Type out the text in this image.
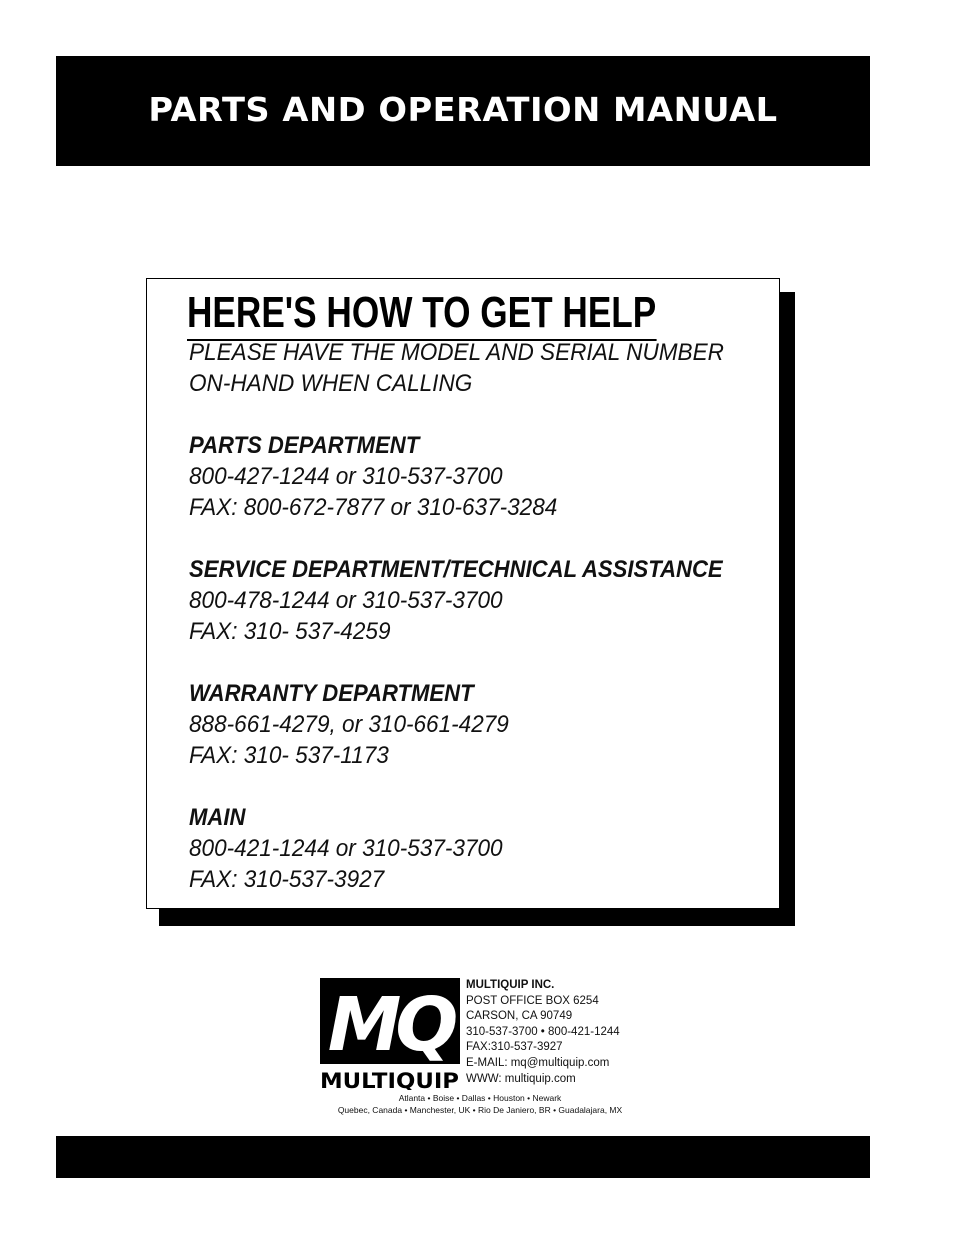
PARTS AND OPERATION MANUAL
HERE'S HOW TO GET HELP

PLEASE HAVE THE MODEL AND SERIAL NUMBER

ON-HAND WHEN CALLING

PARTS DEPARTMENT
800-427-1244 or 310-537-3700
FAX: 800-672-7877 or 310-637-3284
SERVICE DEPARTMENT/TECHNICAL ASSISTANCE
800-478-1244 or 310-537-3700
FAX: 310- 537-4259
WARRANTY DEPARTMENT
888-661-4279, or 310-661-4279
FAX: 310- 537-1173
MAIN
800-421-1244 or 310-537-3700
FAX: 310-537-3927
MQ
MULTIQUIP
MULTIQUIP INC.
POST OFFICE BOX 6254
CARSON, CA 90749
310-537-3700 • 800-421-1244
FAX:310-537-3927
E-MAIL: mq@multiquip.com
WWW: multiquip.com
Atlanta • Boise • Dallas • Houston • Newark
Quebec, Canada • Manchester, UK • Rio De Janiero, BR • Guadalajara, MX
